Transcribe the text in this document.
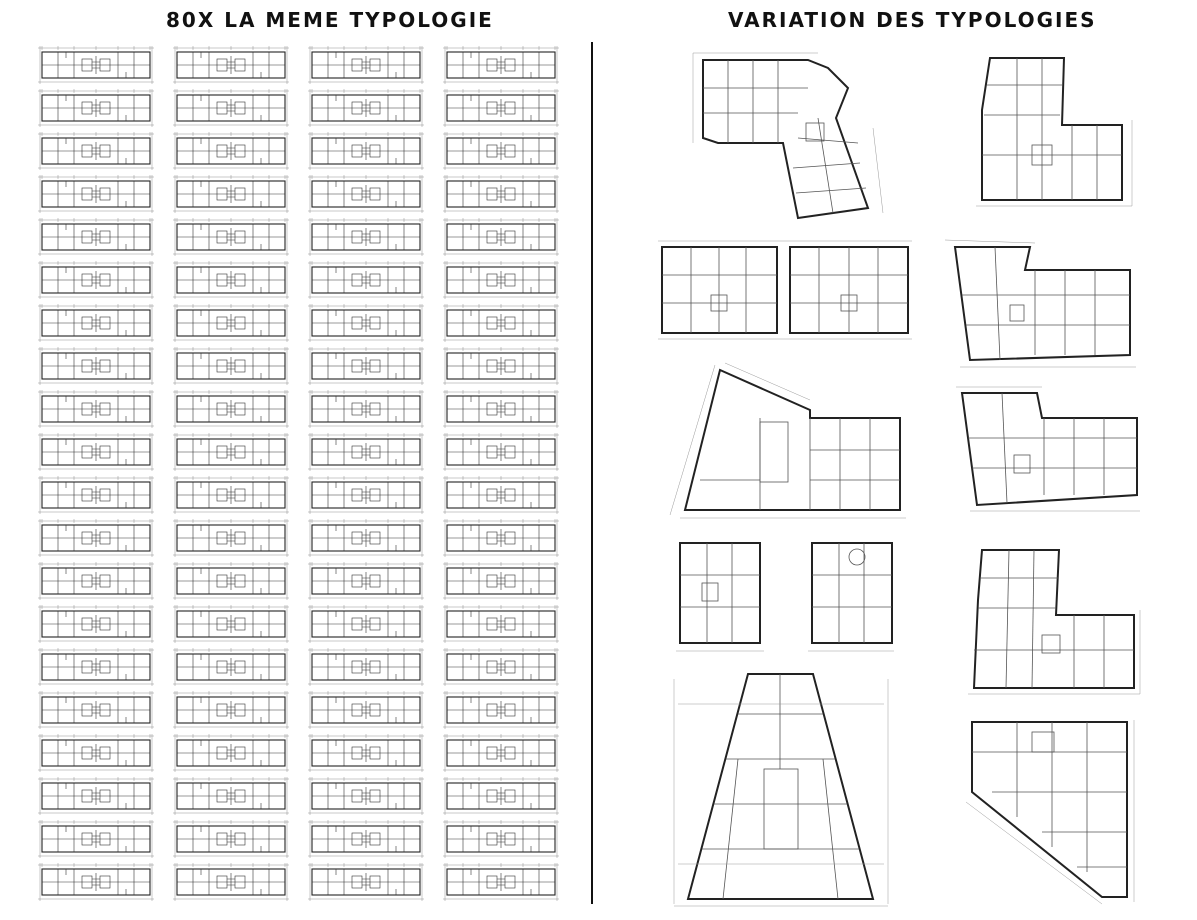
80X LA MEME TYPOLOGIE	VARIATION DES TYPOLOGIES
